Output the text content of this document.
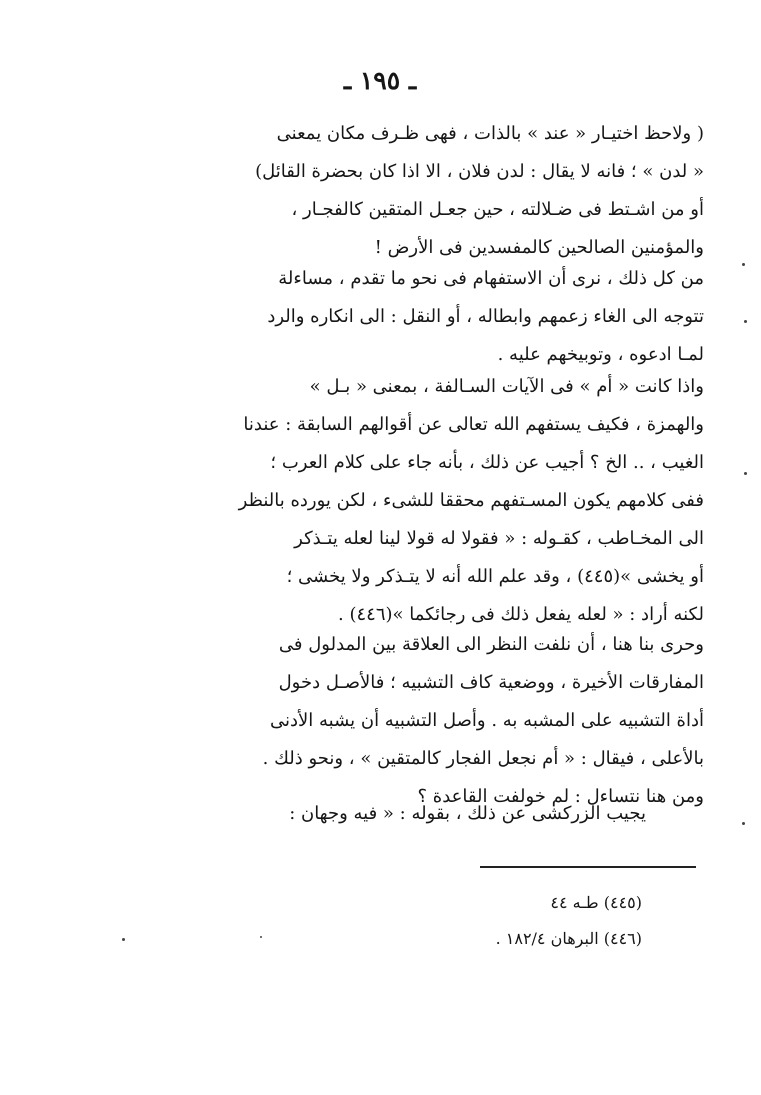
ـ ١٩٥ ـ
( ولاحظ اختيـار « عند » بالذات ، فهى ظـرف مكان يمعنى
« لدن » ؛ فانه لا يقال : لدن فلان ، الا اذا كان بحضرة القائل)
أو من اشـتط فى ضـلالته ، حين جعـل المتقين كالفجـار ،
والمؤمنين الصالحين كالمفسدين فى الأرض !
من كل ذلك ، نرى أن الاستفهام فى نحو ما تقدم ، مساءلة
تتوجه الى الغاء زعمهم وابطاله ، أو النقل : الى انكاره والرد
لمـا ادعوه ، وتوبيخهم عليه .
واذا كانت « أم » فى الآيات السـالفة ، بمعنى « بـل »
والهمزة ، فكيف يستفهم الله تعالى عن أقوالهم السابقة : عندنا
الغيب ، .. الخ ؟ أجيب عن ذلك ، بأنه جاء على كلام العرب ؛
ففى كلامهم يكون المسـتفهم محققا للشىء ، لكن يورده بالنظر
الى المخـاطب ، كقـوله : « فقولا له قولا لينا لعله يتـذكر
أو يخشى »(٤٤٥) ، وقد علم الله أنه لا يتـذكر ولا يخشى ؛
لكنه أراد : « لعله يفعل ذلك فى رجائكما »(٤٤٦) .
وحرى بنا هنا ، أن نلفت النظر الى العلاقة بين المدلول فى
المفارقات الأخيرة ، ووضعية كاف التشبيه ؛ فالأصـل دخول
أداة التشبيه على المشبه به . وأصل التشبيه أن يشبه الأدنى
بالأعلى ، فيقال : « أم نجعل الفجار كالمتقين » ، ونحو ذلك .
ومن هنا نتساءل : لم خولفت القاعدة ؟
يجيب الزركشى عن ذلك ، بقوله : « فيه وجهان :
(٤٤٥) طـه ٤٤
(٤٤٦) البرهان ١٨٢/٤ .
